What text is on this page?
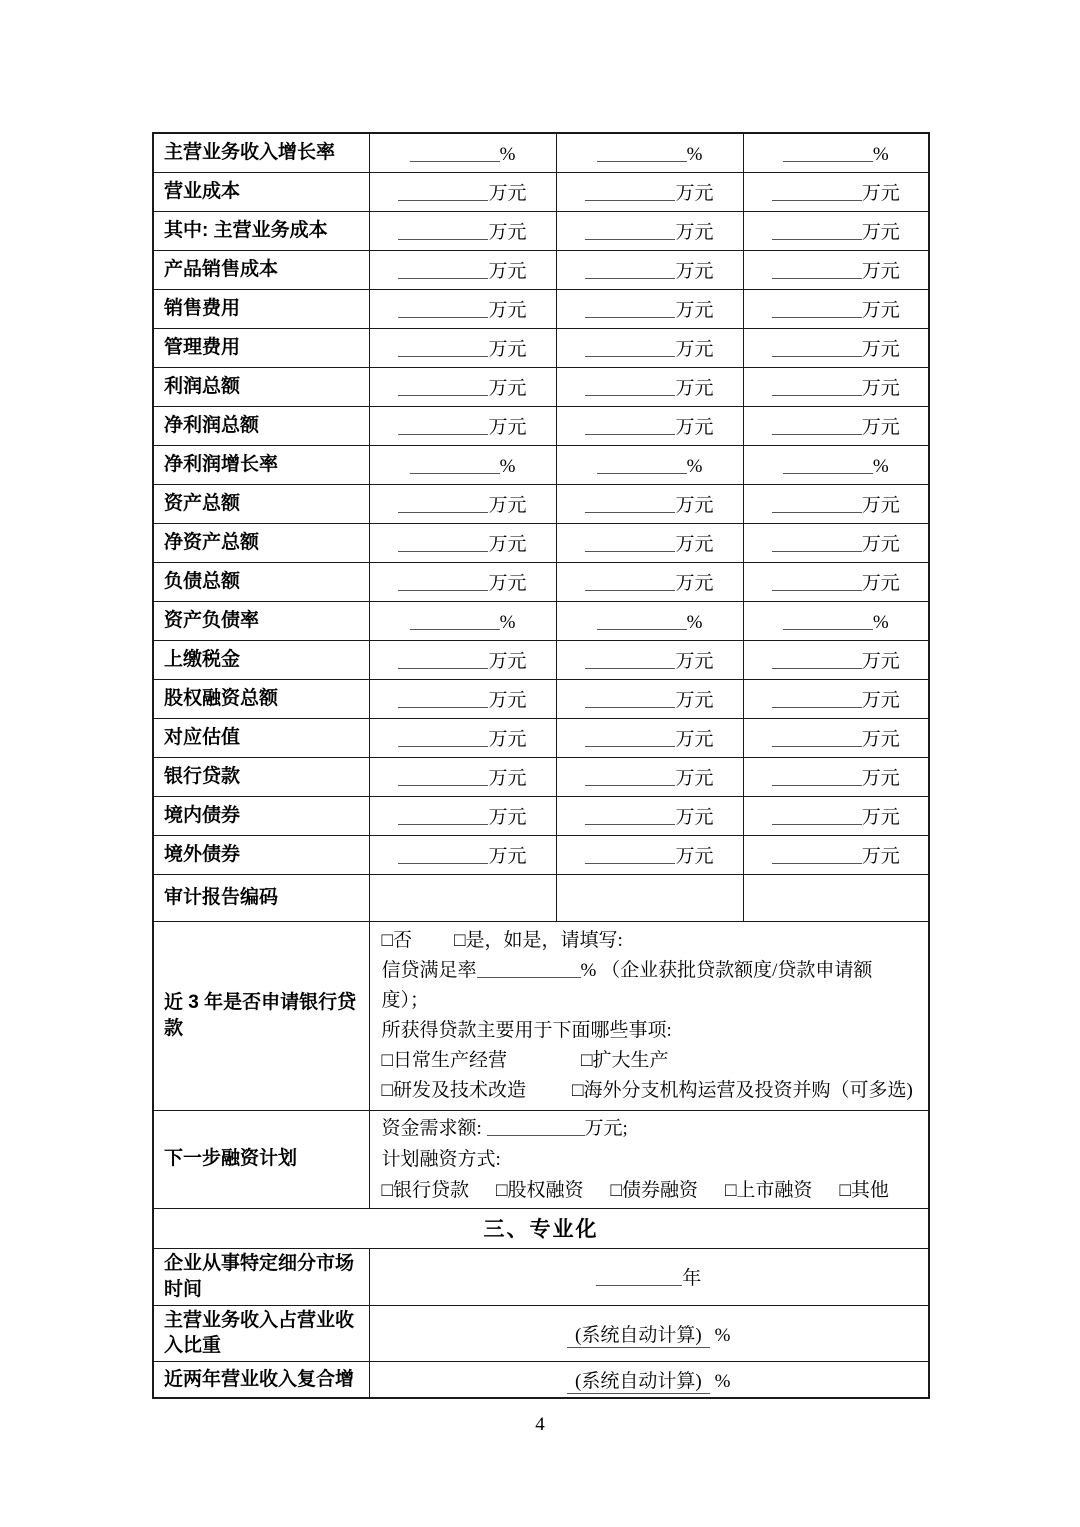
主营业务收入增长率	%	%	%
营业成本	万元	万元	万元
其中: 主营业务成本	万元	万元	万元
产品销售成本	万元	万元	万元
销售费用	万元	万元	万元
管理费用	万元	万元	万元
利润总额	万元	万元	万元
净利润总额	万元	万元	万元
净利润增长率	%	%	%
资产总额	万元	万元	万元
净资产总额	万元	万元	万元
负债总额	万元	万元	万元
资产负债率	%	%	%
上缴税金	万元	万元	万元
股权融资总额	万元	万元	万元
对应估值	万元	万元	万元
银行贷款	万元	万元	万元
境内债券	万元	万元	万元
境外债券	万元	万元	万元
审计报告编码			
近 3 年是否申请银行贷款	□否 □是，如是，请填写:
信贷满足率 % （企业获批贷款额度/贷款申请额度）；
所获得贷款主要用于下面哪些事项:
□日常生产经营 □扩大生产
□研发及技术改造 □海外分支机构运营及投资并购（可多选)		

下一步融资计划	资金需求额: 万元;
计划融资方式:
□银行贷款 □股权融资 □债券融资 □上市融资 □其他		

三、专业化			
企业从事特定细分市场时间	年		
主营业务收入占营业收入比重	(系统自动计算) %		
近两年营业收入复合增	(系统自动计算) %		
4
